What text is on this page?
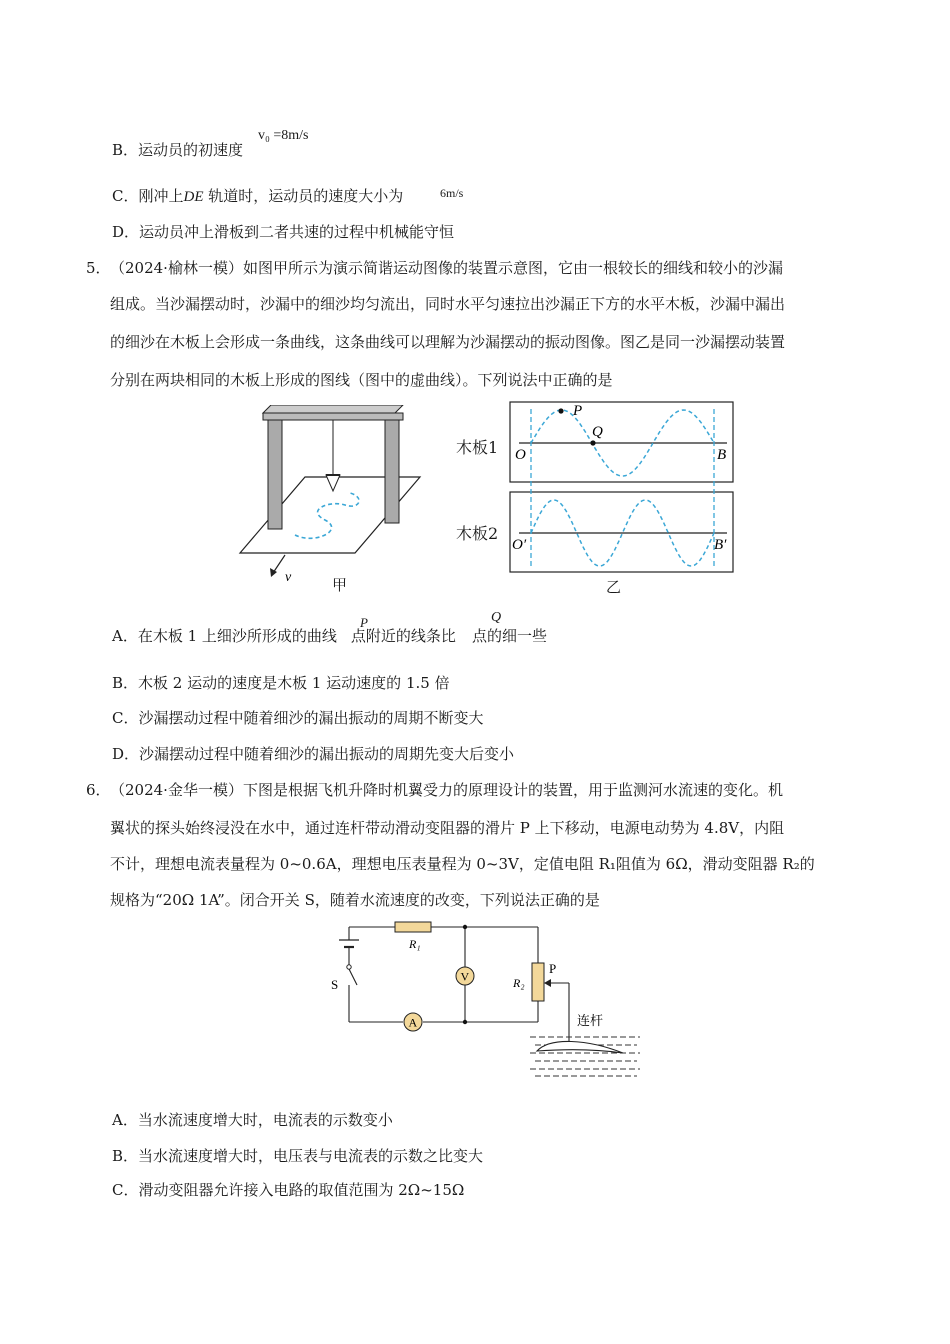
B．运动员的初速度
v₀ =8m/s
C．刚冲上DE 轨道时，运动员的速度大小为	6m/s
D．运动员冲上滑板到二者共速的过程中机械能守恒
5． （2024·榆林一模）如图甲所示为演示简谐运动图像的装置示意图，它由一根较长的细线和较小的沙漏
组成。当沙漏摆动时，沙漏中的细沙均匀流出，同时水平匀速拉出沙漏正下方的水平木板，沙漏中漏出
的细沙在木板上会形成一条曲线，这条曲线可以理解为沙漏摆动的振动图像。图乙是同一沙漏摆动装置
分别在两块相同的木板上形成的图线（图中的虚曲线）。下列说法中正确的是
v	甲
木板1
木板2
P
Q
O	B
O′	B′
乙
A．在木板 1 上细沙所形成的曲线 点附近的线条比 点的细一些
P	Q
B．木板 2 运动的速度是木板 1 运动速度的 1.5 倍
C．沙漏摆动过程中随着细沙的漏出振动的周期不断变大
D．沙漏摆动过程中随着细沙的漏出振动的周期先变大后变小
6． （2024·金华一模）下图是根据飞机升降时机翼受力的原理设计的装置，用于监测河水流速的变化。机
翼状的探头始终浸没在水中，通过连杆带动滑动变阻器的滑片 P 上下移动，电源电动势为 4.8V，内阻
不计，理想电流表量程为 0~0.6A，理想电压表量程为 0~3V，定值电阻 R₁阻值为 6Ω，滑动变阻器 R₂的
规格为“20Ω 1A”。闭合开关 S，随着水流速度的改变，下列说法正确的是
S
R₁
V
A
R₂
P
连杆
A．当水流速度增大时，电流表的示数变小
B．当水流速度增大时，电压表与电流表的示数之比变大
C．滑动变阻器允许接入电路的取值范围为 2Ω~15Ω
